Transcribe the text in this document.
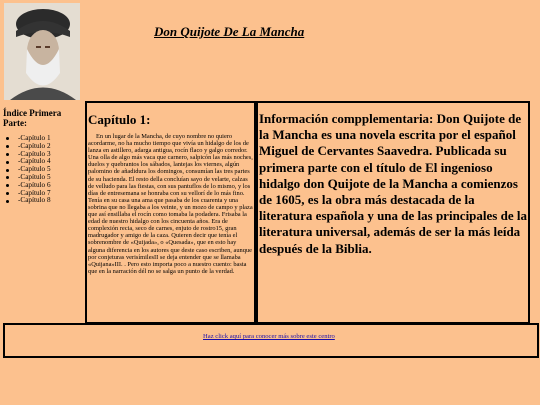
Don Quijote De La Mancha
Índice Primera Parte:
-Capítulo 1
-Capítulo 2
-Capítulo 3
-Capítulo 4
-Capítulo 5
-Capítulo 5
-Capítulo 6
-Capítulo 7
-Capítulo 8
Capítulo 1:

En un lugar de la Mancha, de cuyo nombre no quiero acordarme, no ha mucho tiempo que vivía un hidalgo de los de lanza en astillero, adarga antigua, rocín flaco y galgo corredor. Una olla de algo más vaca que carnero, salpicón las más noches, duelos y quebrantos los sábados, lantejas los viernes, algún palomino de añadidura los domingos, consumían las tres partes de su hacienda. El resto della concluían sayo de velarte, calzas de velludo para las fiestas, con sus pantuflos de lo mismo, y los días de entresemana se honraba con su vellorí de lo más fino. Tenía en su casa una ama que pasaba de los cuarenta y una sobrina que no llegaba a los veinte, y un mozo de campo y plaza que así ensillaba el rocín como tomaba la podadera. Frisaba la edad de nuestro hidalgo con los cincuenta años. Era de complexión recia, seco de carnes, enjuto de rostro15, gran madrugador y amigo de la caza. Quieren decir que tenía el sobrenombre de «Quijada», o «Quesada», que en esto hay alguna diferencia en los autores que deste caso escriben, aunque por conjeturas verisímilesII se deja entender que se llamaba «Quijana»III. . Pero esto importa poco a nuestro cuento: basta que en la narración dél no se salga un punto de la verdad.

Información compplementaria: Don Quijote de la Mancha es una novela escrita por el español Miguel de Cervantes Saavedra. Publicada su primera parte con el título de El ingenioso hidalgo don Quijote de la Mancha a comienzos de 1605, es la obra más destacada de la literatura española y una de las principales de la literatura universal, además de ser la más leída después de la Biblia.

Haz click aquí para conocer más sobre este centro
